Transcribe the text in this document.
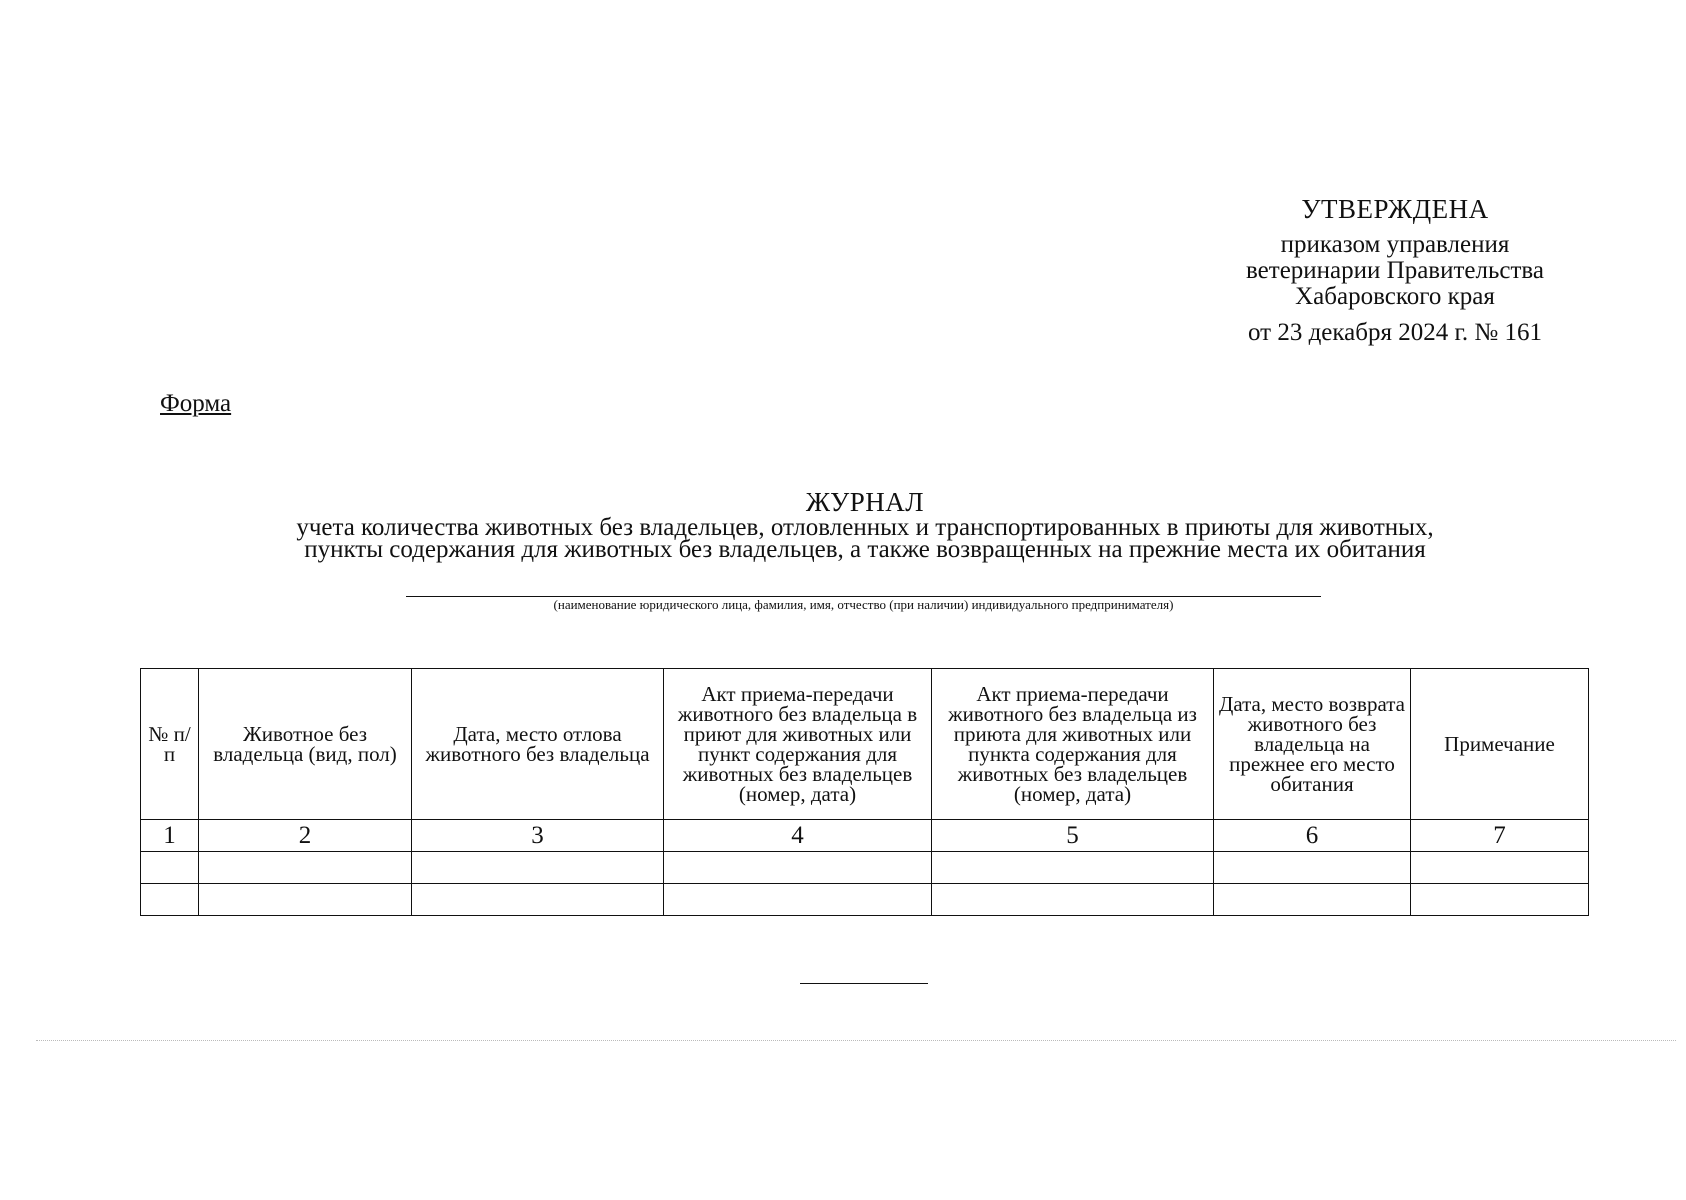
УТВЕРЖДЕНА
приказом управления
ветеринарии Правительства
Хабаровского края
от 23 декабря 2024 г. № 161
Форма
ЖУРНАЛ
учета количества животных без владельцев, отловленных и транспортированных в приюты для животных,
пункты содержания для животных без владельцев, а также возвращенных на прежние места их обитания
(наименование юридического лица, фамилия, имя, отчество (при наличии) индивидуального предпринимателя)
№ п/п	Животное без владельца (вид, пол)	Дата, место отлова животного без владельца	Акт приема-передачи животного без владельца в приют для животных или пункт содержания для животных без владельцев (номер, дата)	Акт приема-передачи животного без владельца из приюта для животных или пункта содержания для животных без владельцев (номер, дата)	Дата, место возврата животного без владельца на прежнее его место обитания	Примечание
1	2	3	4	5	6	7
